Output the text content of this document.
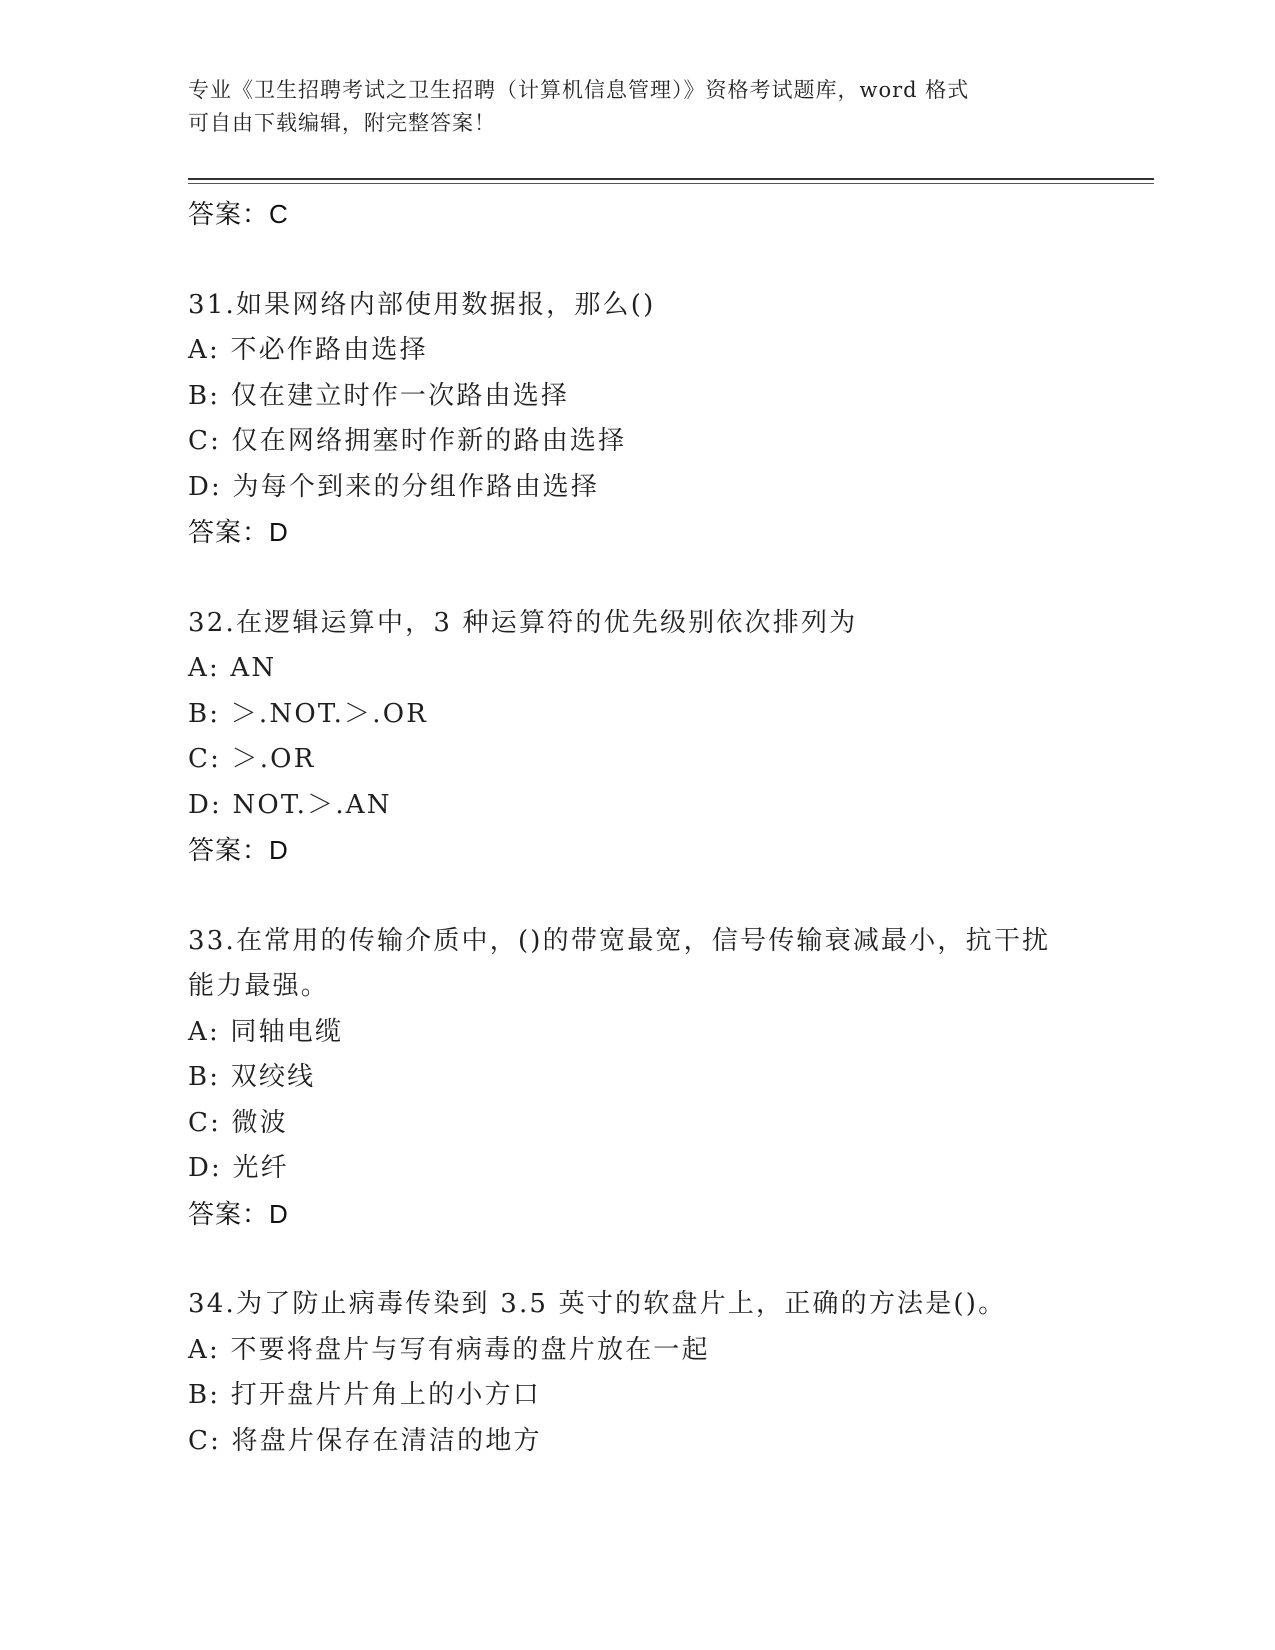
专业《卫生招聘考试之卫生招聘（计算机信息管理）》资格考试题库，word 格式
可自由下载编辑，附完整答案！
答案：C
31.如果网络内部使用数据报，那么()
A: 不必作路由选择
B: 仅在建立时作一次路由选择
C: 仅在网络拥塞时作新的路由选择
D: 为每个到来的分组作路由选择
答案：D
32.在逻辑运算中，3 种运算符的优先级别依次排列为
A: AN
B: ＞.NOT.＞.OR
C: ＞.OR
D: NOT.＞.AN
答案：D
33.在常用的传输介质中，()的带宽最宽，信号传输衰减最小，抗干扰
能力最强。
A: 同轴电缆
B: 双绞线
C: 微波
D: 光纤
答案：D
34.为了防止病毒传染到 3.5 英寸的软盘片上，正确的方法是()。
A: 不要将盘片与写有病毒的盘片放在一起
B: 打开盘片片角上的小方口
C: 将盘片保存在清洁的地方
